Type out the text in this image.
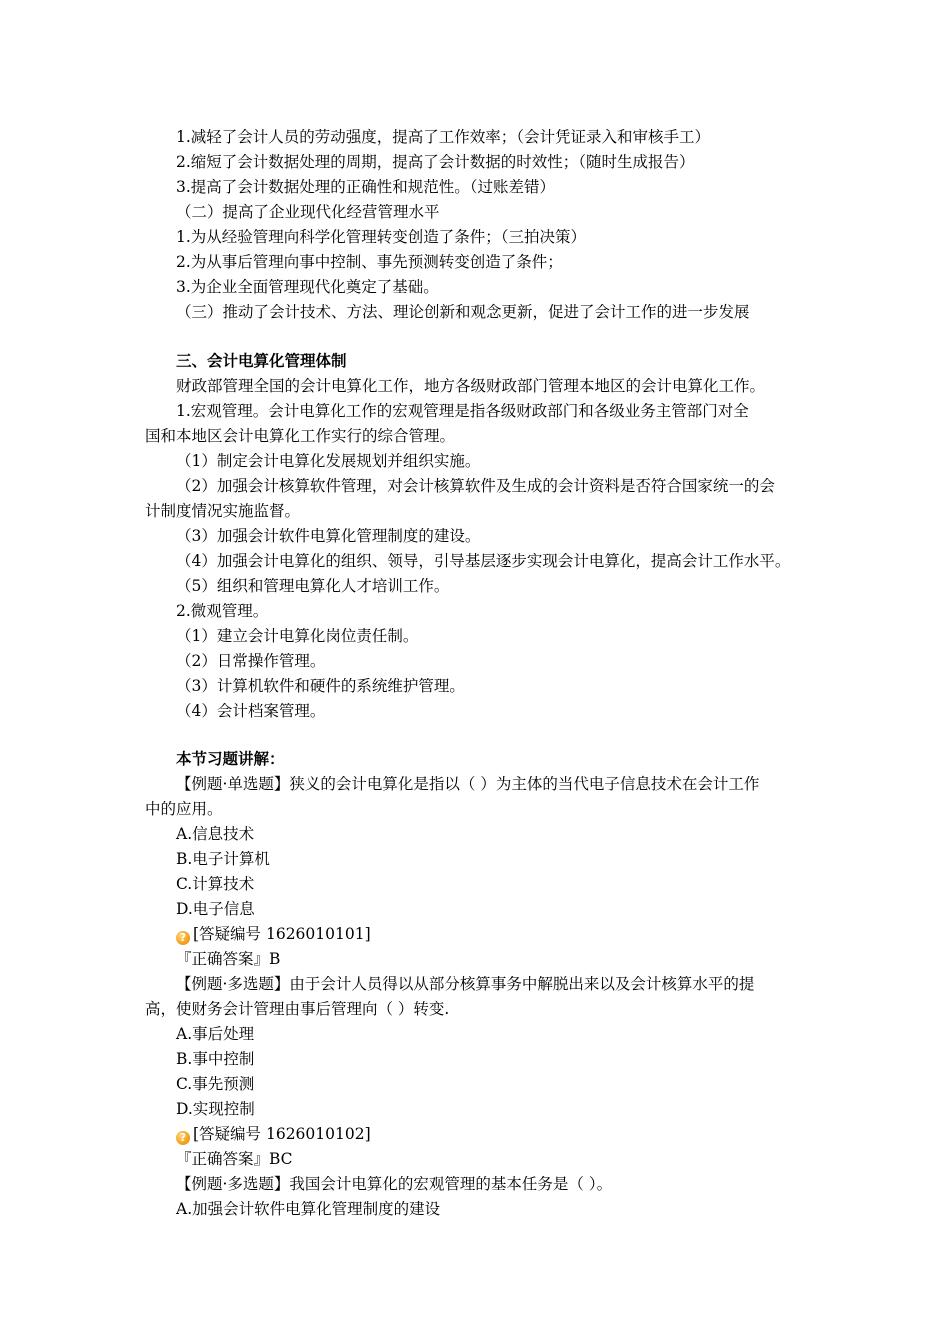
1.减轻了会计人员的劳动强度，提高了工作效率；（会计凭证录入和审核手工）
2.缩短了会计数据处理的周期，提高了会计数据的时效性；（随时生成报告）
3.提高了会计数据处理的正确性和规范性。（过账差错）
（二）提高了企业现代化经营管理水平
1.为从经验管理向科学化管理转变创造了条件；（三拍决策）
2.为从事后管理向事中控制、事先预测转变创造了条件；
3.为企业全面管理现代化奠定了基础。
（三）推动了会计技术、方法、理论创新和观念更新，促进了会计工作的进一步发展
三、会计电算化管理体制
财政部管理全国的会计电算化工作，地方各级财政部门管理本地区的会计电算化工作。
1.宏观管理。会计电算化工作的宏观管理是指各级财政部门和各级业务主管部门对全
国和本地区会计电算化工作实行的综合管理。
（1）制定会计电算化发展规划并组织实施。
（2）加强会计核算软件管理，对会计核算软件及生成的会计资料是否符合国家统一的会
计制度情况实施监督。
（3）加强会计软件电算化管理制度的建设。
（4）加强会计电算化的组织、领导，引导基层逐步实现会计电算化，提高会计工作水平。
（5）组织和管理电算化人才培训工作。
2.微观管理。
（1）建立会计电算化岗位责任制。
（2）日常操作管理。
（3）计算机软件和硬件的系统维护管理。
（4）会计档案管理。
本节习题讲解：
【例题·单选题】狭义的会计电算化是指以（ ）为主体的当代电子信息技术在会计工作
中的应用。
A.信息技术
B.电子计算机
C.计算技术
D.电子信息
? [答疑编号 1626010101]
『正确答案』B
【例题·多选题】由于会计人员得以从部分核算事务中解脱出来以及会计核算水平的提
高，使财务会计管理由事后管理向（ ）转变.
A.事后处理
B.事中控制
C.事先预测
D.实现控制
? [答疑编号 1626010102]
『正确答案』BC
【例题·多选题】我国会计电算化的宏观管理的基本任务是（ ）。
A.加强会计软件电算化管理制度的建设
